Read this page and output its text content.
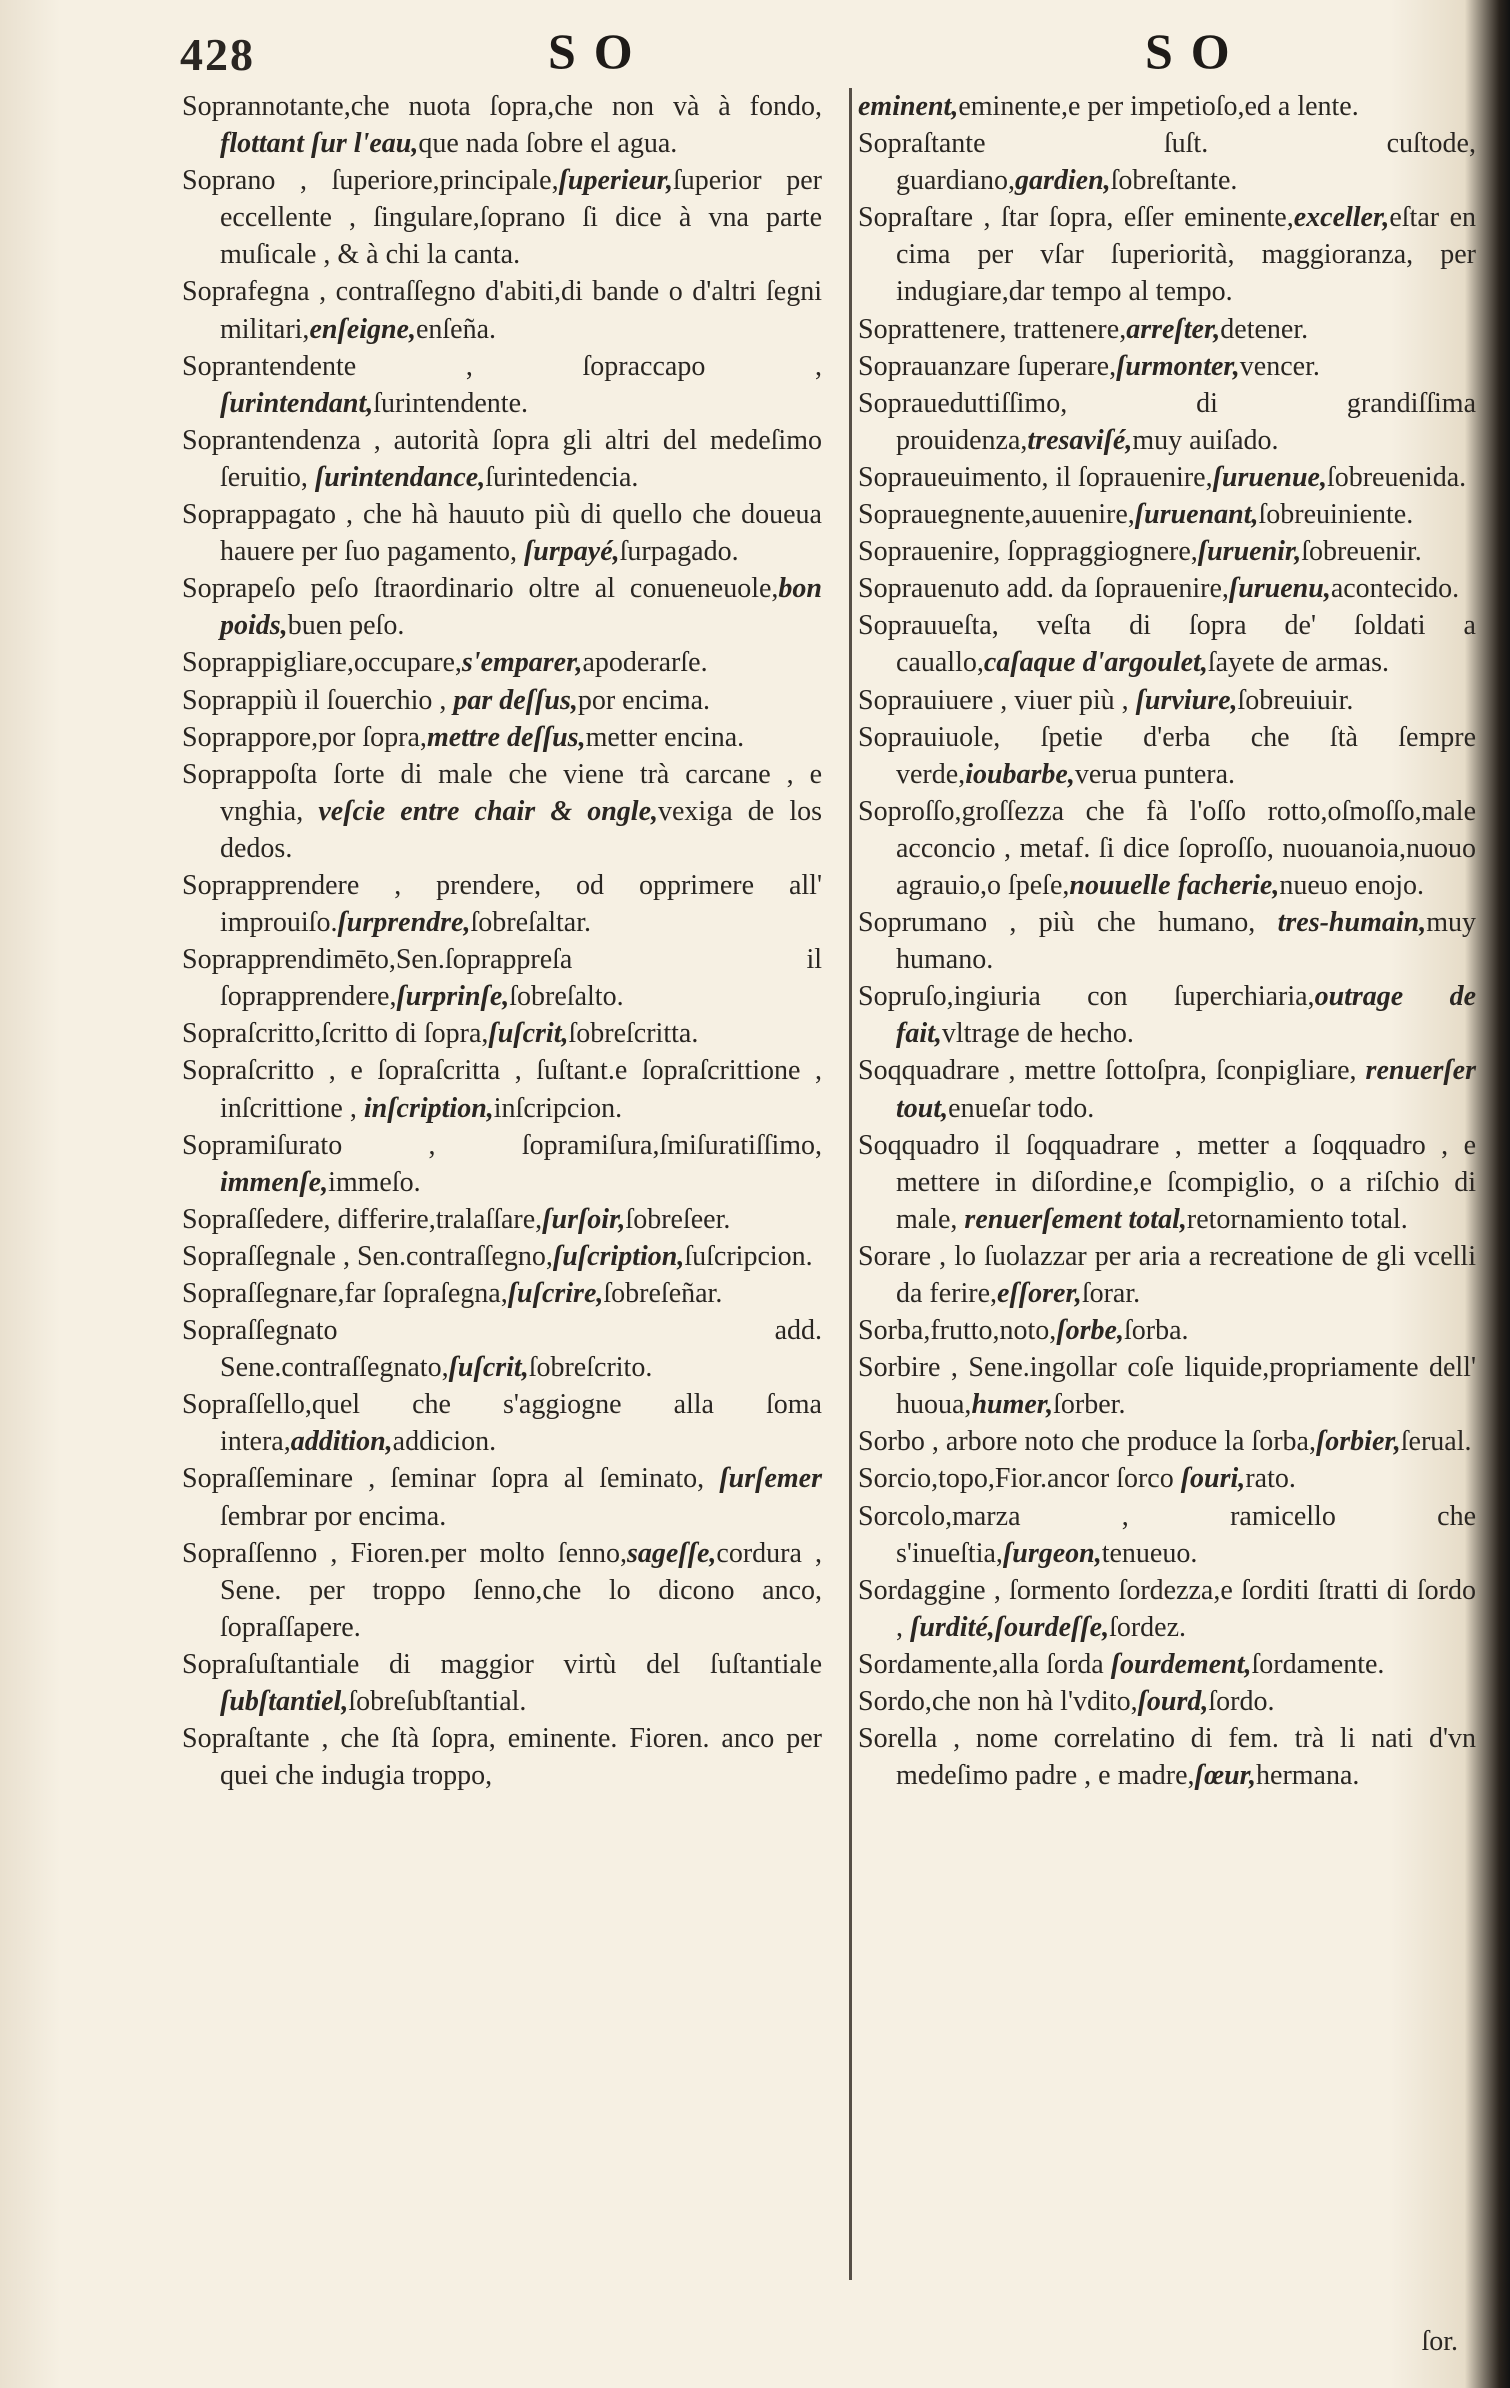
428	SO	SO

Soprannotante,che nuota ſopra,che non và à fondo, flottant ſur l'eau,que nada ſobre el agua.

Soprano , ſuperiore,principale,ſuperieur,ſuperior per eccellente , ſingulare,ſoprano ſi dice à vna parte muſicale , & à chi la canta.

Soprafegna , contraſſegno d'abiti,di bande o d'altri ſegni militari,enſeigne,enſeña.

Soprantendente , ſopraccapo , ſurintendant,ſurintendente.

Soprantendenza , autorità ſopra gli altri del medeſimo ſeruitio, ſurintendance,ſurintedencia.

Soprappagato , che hà hauuto più di quello che doueua hauere per ſuo pagamento, ſurpayé,ſurpagado.

Soprapeſo peſo ſtraordinario oltre al conueneuole,bon poids,buen peſo.

Soprappigliare,occupare,s'emparer,apoderarſe.

Soprappiù il ſouerchio , par deſſus,por encima.

Soprappore,por ſopra,mettre deſſus,metter encina.

Soprappoſta ſorte di male che viene trà carcane , e vnghia, veſcie entre chair & ongle,vexiga de los dedos.

Soprapprendere , prendere, od opprimere all' improuiſo.ſurprendre,ſobreſaltar.

Soprapprendimēto,Sen.ſoprappreſa il ſoprapprendere,ſurprinſe,ſobreſalto.

Sopraſcritto,ſcritto di ſopra,ſuſcrit,ſobreſcritta.

Sopraſcritto , e ſopraſcritta , ſuſtant.e ſopraſcrittione , inſcrittione , inſcription,inſcripcion.

Sopramiſurato , ſopramiſura,ſmiſuratiſſimo, immenſe,immeſo.

Sopraſſedere, differire,tralaſſare,ſurſoir,ſobreſeer.

Sopraſſegnale , Sen.contraſſegno,ſuſcription,ſuſcripcion.

Sopraſſegnare,far ſopraſegna,ſuſcrire,ſobreſeñar.

Sopraſſegnato add. Sene.contraſſegnato,ſuſcrit,ſobreſcrito.

Sopraſſello,quel che s'aggiogne alla ſoma intera,addition,addicion.

Sopraſſeminare , ſeminar ſopra al ſeminato, ſurſemer ſembrar por encima.

Sopraſſenno , Fioren.per molto ſenno,sageſſe,cordura , Sene. per troppo ſenno,che lo dicono anco, ſopraſſapere.

Sopraſuſtantiale di maggior virtù del ſuſtantiale ſubſtantiel,ſobreſubſtantial.

Sopraſtante , che ſtà ſopra, eminente. Fioren. anco per quei che indugia troppo,

eminent,eminente,e per impetioſo,ed a lente.

Sopraſtante ſuſt. cuſtode, guardiano,gardien,ſobreſtante.

Sopraſtare , ſtar ſopra, eſſer eminente,exceller,eſtar en cima per vſar ſuperiorità, maggioranza, per indugiare,dar tempo al tempo.

Soprattenere, trattenere,arreſter,detener.

Soprauanzare ſuperare,ſurmonter,vencer.

Sopraueduttiſſimo, di grandiſſima prouidenza,tresaviſé,muy auiſado.

Sopraueuimento, il ſoprauenire,ſuruenue,ſobreuenida.

Soprauegnente,auuenire,ſuruenant,ſobreuiniente.

Soprauenire, ſoppraggiognere,ſuruenir,ſobreuenir.

Soprauenuto add. da ſoprauenire,ſuruenu,acontecido.

Soprauueſta, veſta di ſopra de' ſoldati a cauallo,caſaque d'argoulet,ſayete de armas.

Soprauiuere , viuer più , ſurviure,ſobreuiuir.

Soprauiuole, ſpetie d'erba che ſtà ſempre verde,ioubarbe,verua puntera.

Soproſſo,groſſezza che fà l'oſſo rotto,oſmoſſo,male acconcio , metaf. ſi dice ſoproſſo, nuouanoia,nuouo agrauio,o ſpeſe,nouuelle facherie,nueuo enojo.

Soprumano , più che humano, tres-humain,muy humano.

Sopruſo,ingiuria con ſuperchiaria,outrage de fait,vltrage de hecho.

Soqquadrare , mettre ſottoſpra, ſconpigliare, renuerſer tout,enueſar todo.

Soqquadro il ſoqquadrare , metter a ſoqquadro , e mettere in diſordine,e ſcompiglio, o a riſchio di male, renuerſement total,retornamiento total.

Sorare , lo ſuolazzar per aria a recreatione de gli vcelli da ferire,eſſorer,ſorar.

Sorba,frutto,noto,ſorbe,ſorba.

Sorbire , Sene.ingollar coſe liquide,propriamente dell' huoua,humer,ſorber.

Sorbo , arbore noto che produce la ſorba,ſorbier,ſerual.

Sorcio,topo,Fior.ancor ſorco ſouri,rato.

Sorcolo,marza , ramicello che s'inueſtia,ſurgeon,tenueuo.

Sordaggine , ſormento ſordezza,e ſorditi ſtratti di ſordo , ſurdité,ſourdeſſe,ſordez.

Sordamente,alla ſorda ſourdement,ſordamente.

Sordo,che non hà l'vdito,ſourd,ſordo.

Sorella , nome correlatino di fem. trà li nati d'vn medeſimo padre , e madre,ſœur,hermana.

ſor.
